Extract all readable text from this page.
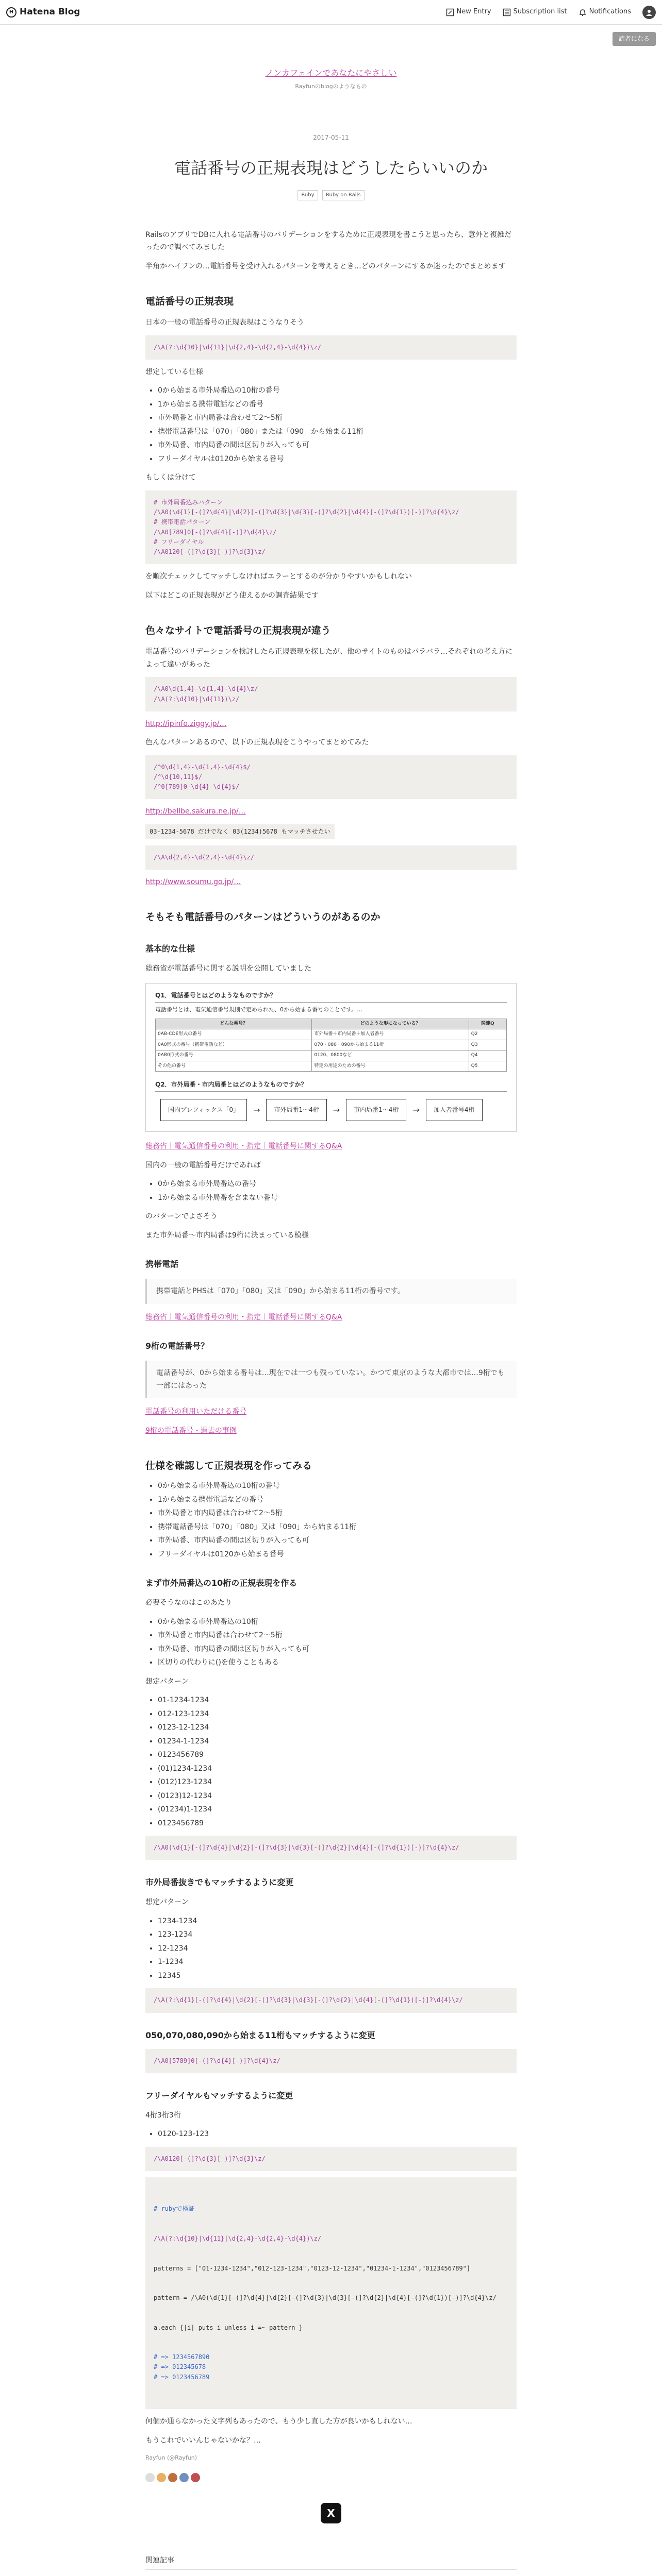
H Hatena Blog	New Entry	Subscription list	Notifications
読者になる
ノンカフェインであなたにやさしい
Rayfunのblogのようなもの
2017-05-11
電話番号の正規表現はどうしたらいいのか
Ruby Ruby on Rails

RailsのアプリでDBに入れる電話番号のバリデーションをするために正規表現を書こうと思ったら、意外と複雑だったので調べてみました

半角かハイフンの…電話番号を受け入れるパターンを考えるとき…どのパターンにするか迷ったのでまとめます

電話番号の正規表現

日本の一般の電話番号の正規表現はこうなりそう

/\A(?:\d{10}|\d{11}|\d{2,4}-\d{2,4}-\d{4})\z/

想定している仕様

• 0から始まる市外局番込の10桁の番号
• 1から始まる携帯電話などの番号
• 市外局番と市内局番は合わせて2〜5桁
• 携帯電話番号は「070」「080」または「090」から始まる11桁
• 市外局番、市内局番の間は区切りが入っても可
• フリーダイヤルは0120から始まる番号

もしくは分けて

# 市外局番込みパターン
/\A0(\d{1}[-(]?\d{4}|\d{2}[-(]?\d{3}|\d{3}[-(]?\d{2}|\d{4}[-(]?\d{1})[-)]?\d{4}\z/
# 携帯電話パターン
/\A0[789]0[-(]?\d{4}[-)]?\d{4}\z/
# フリーダイヤル
/\A0120[-(]?\d{3}[-)]?\d{3}\z/

を順次チェックしてマッチしなければエラーとするのが分かりやすいかもしれない

以下はどこの正規表現がどう使えるかの調査結果です

色々なサイトで電話番号の正規表現が違う

電話番号のバリデーションを検討したら正規表現を探したが、他のサイトのものはバラバラ…それぞれの考え方によって違いがあった

/\A0\d{1,4}-\d{1,4}-\d{4}\z/
/\A(?:\d{10}|\d{11})\z/

http://ipinfo.ziggy.jp/…

色んなパターンあるので、以下の正規表現をこうやってまとめてみた

/^0\d{1,4}-\d{1,4}-\d{4}$/
/^\d{10,11}$/
/^0[789]0-\d{4}-\d{4}$/

http://bellbe.sakura.ne.jp/…

03-1234-5678 だけでなく 03(1234)5678 もマッチさせたい

/\A\d{2,4}-\d{2,4}-\d{4}\z/

http://www.soumu.go.jp/…

そもそも電話番号のパターンはどういうのがあるのか
基本的な仕様

総務省が電話番号に関する説明を公開していました

Q1．電話番号とはどのようなものですか？
電話番号とは、電気通信番号規則で定められた、0から始まる番号のことです。…
どんな番号？	どのような形になっている？	関連Q
0AB-CDE形式の番号	市外局番＋市内局番＋加入者番号	Q2
0A0形式の番号（携帯電話など）	070・080・090から始まる11桁	Q3
0AB0形式の番号	0120、0800など	Q4
その他の番号	特定の用途のための番号	Q5
Q2．市外局番・市内局番とはどのようなものですか？
国内プレフィックス「0」	→	市外局番1〜4桁	→	市内局番1〜4桁	→	加入者番号4桁

総務省｜電気通信番号の利用・指定｜電話番号に関するQ&A

国内の一般の電話番号だけであれば

• 0から始まる市外局番込の番号
• 1から始まる市外局番を含まない番号

のパターンでよさそう

また市外局番〜市内局番は9桁に決まっている模様

携帯電話
携帯電話とPHSは「070」「080」又は「090」から始まる11桁の番号です。

総務省｜電気通信番号の利用・指定｜電話番号に関するQ&A

9桁の電話番号？
電話番号が、0から始まる番号は…現在では一つも残っていない。かつて東京のような大都市では…9桁でも一部にはあった

電話番号の利用いただける番号

9桁の電話番号 - 過去の事例

仕様を確認して正規表現を作ってみる
• 0から始まる市外局番込の10桁の番号
• 1から始まる携帯電話などの番号
• 市外局番と市内局番は合わせて2〜5桁
• 携帯電話番号は「070」「080」又は「090」から始まる11桁
• 市外局番、市内局番の間は区切りが入っても可
• フリーダイヤルは0120から始まる番号
まず市外局番込の10桁の正規表現を作る

必要そうなのはこのあたり

• 0から始まる市外局番込の10桁
• 市外局番と市内局番は合わせて2〜5桁
• 市外局番、市内局番の間は区切りが入っても可
• 区切りの代わりに()を使うこともある

想定パターン

• 01-1234-1234
• 012-123-1234
• 0123-12-1234
• 01234-1-1234
• 0123456789
• (01)1234-1234
• (012)123-1234
• (0123)12-1234
• (01234)1-1234
• 0123456789
/\A0(\d{1}[-(]?\d{4}|\d{2}[-(]?\d{3}|\d{3}[-(]?\d{2}|\d{4}[-(]?\d{1})[-)]?\d{4}\z/
市外局番抜きでもマッチするように変更

想定パターン

• 1234-1234
• 123-1234
• 12-1234
• 1-1234
• 12345
/\A(?:\d{1}[-(]?\d{4}|\d{2}[-(]?\d{3}|\d{3}[-(]?\d{2}|\d{4}[-(]?\d{1})[-)]?\d{4}\z/
050,070,080,090から始まる11桁もマッチするように変更
/\A0[5789]0[-(]?\d{4}[-)]?\d{4}\z/
フリーダイヤルもマッチするように変更

4桁3桁3桁

• 0120-123-123
/\A0120[-(]?\d{3}[-)]?\d{3}\z/

# rubyで検証

/\A(?:\d{10}|\d{11}|\d{2,4}-\d{2,4}-\d{4})\z/

patterns = ["01-1234-1234","012-123-1234","0123-12-1234","01234-1-1234","0123456789"]

pattern = /\A0(\d{1}[-(]?\d{4}|\d{2}[-(]?\d{3}|\d{3}[-(]?\d{2}|\d{4}[-(]?\d{1})[-)]?\d{4}\z/

a.each {|i| puts i unless i =~ pattern }

# => 1234567890
# => 012345678
# => 0123456789

何個か通らなかった文字列もあったので、もう少し直した方が良いかもしれない…

もうこれでいいんじゃないかな？…

Rayfun (@Rayfun)

X
関連記事
